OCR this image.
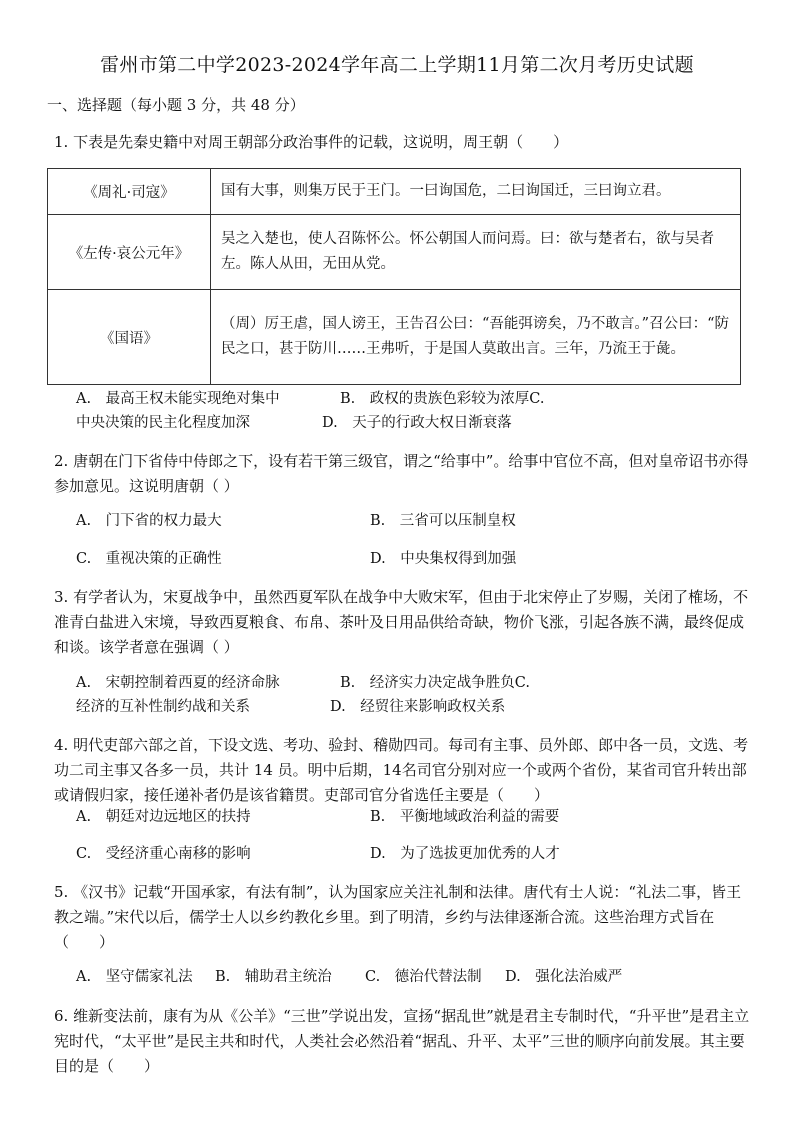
雷州市第二中学2023-2024学年高二上学期11月第二次月考历史试题
一、选择题（每小题 3 分，共 48 分）
1. 下表是先秦史籍中对周王朝部分政治事件的记载，这说明，周王朝（　　）
《周礼·司寇》	国有大事，则集万民于王门。一曰询国危，二曰询国迁，三曰询立君。
《左传·哀公元年》	吴之入楚也，使人召陈怀公。怀公朝国人而问焉。曰：欲与楚者右，欲与吴者左。陈人从田，无田从党。
《国语》	（周）厉王虐，国人谤王，王告召公曰：“吾能弭谤矣，乃不敢言。”召公曰：“防民之口，甚于防川……王弗听，于是国人莫敢出言。三年，乃流王于彘。
A.　最高王权未能实现绝对集中	B.　政权的贵族色彩较为浓厚C.
中央决策的民主化程度加深	D.　天子的行政大权日渐衰落
2. 唐朝在门下省侍中侍郎之下，设有若干第三级官，谓之“给事中”。给事中官位不高，但对皇帝诏书亦得参加意见。这说明唐朝（ ）
A.　门下省的权力最大	B.　三省可以压制皇权
C.　重视决策的正确性	D.　中央集权得到加强
3. 有学者认为，宋夏战争中，虽然西夏军队在战争中大败宋军，但由于北宋停止了岁赐，关闭了榷场，不准青白盐进入宋境，导致西夏粮食、布帛、茶叶及日用品供给奇缺，物价飞涨，引起各族不满，最终促成和谈。该学者意在强调（ ）
A.　宋朝控制着西夏的经济命脉	B.　经济实力决定战争胜负C.
经济的互补性制约战和关系	D.　经贸往来影响政权关系
4. 明代吏部六部之首，下设文选、考功、验封、稽勋四司。每司有主事、员外郎、郎中各一员，文选、考功二司主事又各多一员，共计 14 员。明中后期，14名司官分别对应一个或两个省份，某省司官升转出部或请假归家，接任递补者仍是该省籍贯。吏部司官分省选任主要是（　　）
A.　朝廷对边远地区的扶持	B.　平衡地域政治利益的需要
C.　受经济重心南移的影响	D.　为了选拔更加优秀的人才
5. 《汉书》记载“开国承家，有法有制”，认为国家应关注礼制和法律。唐代有士人说：“礼法二事，皆王教之端。”宋代以后，儒学士人以乡约教化乡里。到了明清，乡约与法律逐渐合流。这些治理方式旨在（　　）
A.　坚守儒家礼法 B.　辅助君主统治 C.　德治代替法制 D.　强化法治威严
6. 维新变法前，康有为从《公羊》“三世”学说出发，宣扬“据乱世”就是君主专制时代，“升平世”是君主立宪时代，“太平世”是民主共和时代，人类社会必然沿着“据乱、升平、太平”三世的顺序向前发展。其主要目的是（　　）
